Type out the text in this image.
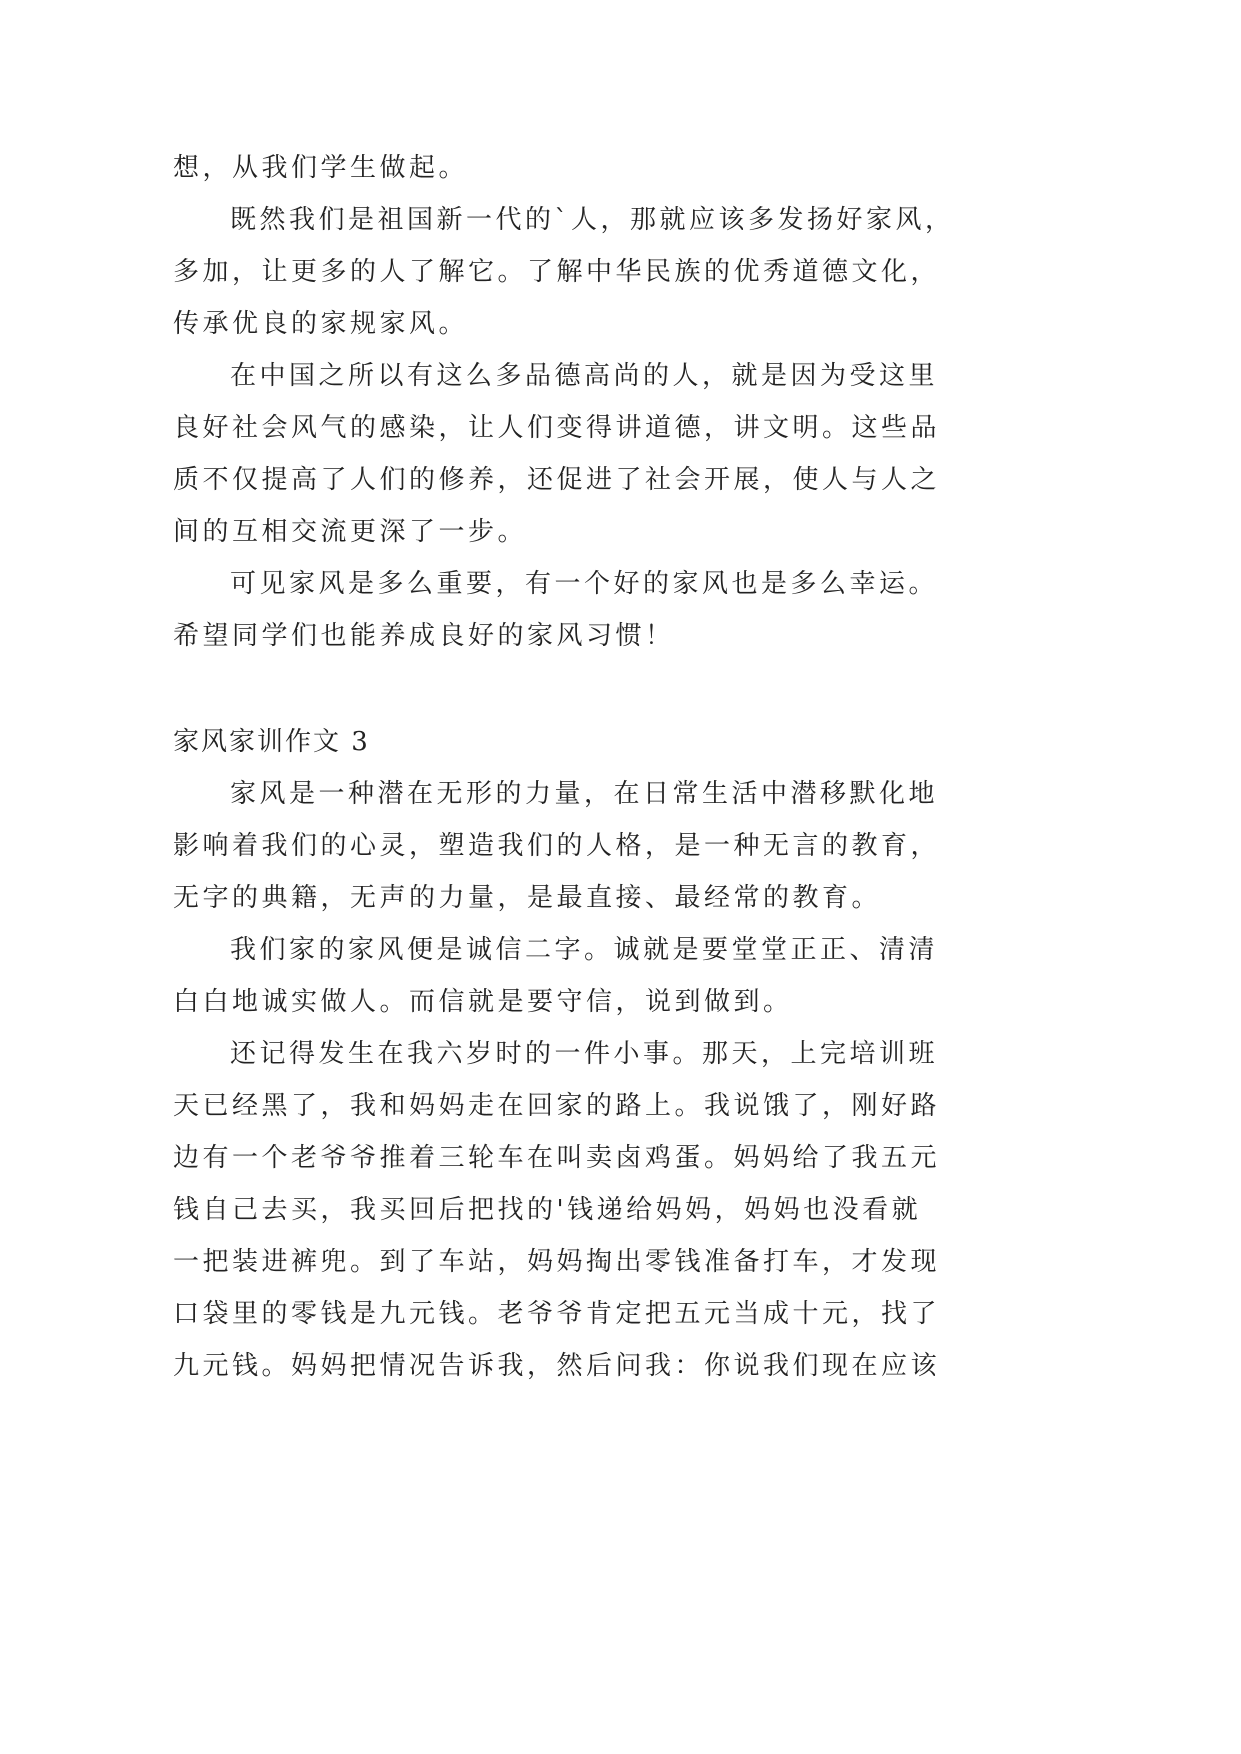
想，从我们学生做起。
既然我们是祖国新一代的`人，那就应该多发扬好家风，
多加，让更多的人了解它。了解中华民族的优秀道德文化，
传承优良的家规家风。
在中国之所以有这么多品德高尚的人，就是因为受这里
良好社会风气的感染，让人们变得讲道德，讲文明。这些品
质不仅提高了人们的修养，还促进了社会开展，使人与人之
间的互相交流更深了一步。
可见家风是多么重要，有一个好的家风也是多么幸运。
希望同学们也能养成良好的家风习惯！
家风家训作文 3
家风是一种潜在无形的力量，在日常生活中潜移默化地
影响着我们的心灵，塑造我们的人格，是一种无言的教育，
无字的典籍，无声的力量，是最直接、最经常的教育。
我们家的家风便是诚信二字。诚就是要堂堂正正、清清
白白地诚实做人。而信就是要守信，说到做到。
还记得发生在我六岁时的一件小事。那天，上完培训班
天已经黑了，我和妈妈走在回家的路上。我说饿了，刚好路
边有一个老爷爷推着三轮车在叫卖卤鸡蛋。妈妈给了我五元
钱自己去买，我买回后把找的'钱递给妈妈，妈妈也没看就
一把装进裤兜。到了车站，妈妈掏出零钱准备打车，才发现
口袋里的零钱是九元钱。老爷爷肯定把五元当成十元，找了
九元钱。妈妈把情况告诉我，然后问我：你说我们现在应该
